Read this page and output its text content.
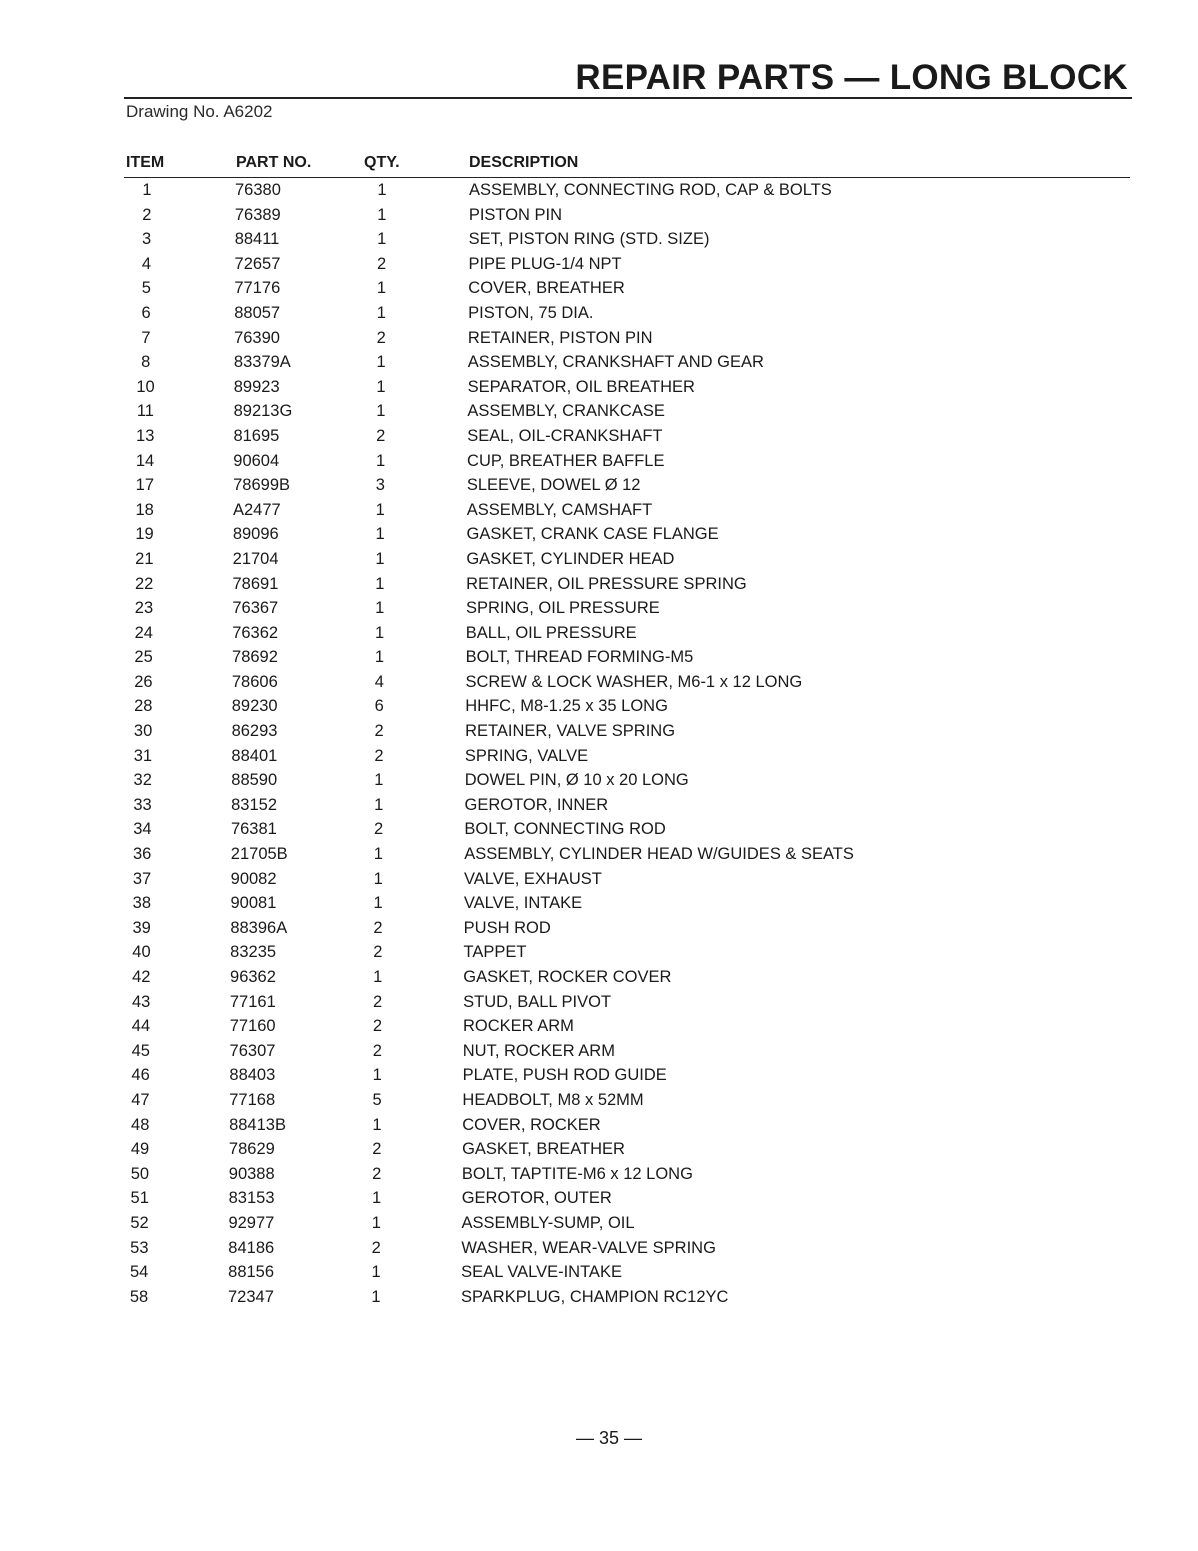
REPAIR PARTS — LONG BLOCK
Drawing No. A6202
ITEM	PART NO.	QTY.	DESCRIPTION
1	76380	1	ASSEMBLY, CONNECTING ROD, CAP & BOLTS
2	76389	1	PISTON PIN
3	88411	1	SET, PISTON RING (STD. SIZE)
4	72657	2	PIPE PLUG-1/4 NPT
5	77176	1	COVER, BREATHER
6	88057	1	PISTON, 75 DIA.
7	76390	2	RETAINER, PISTON PIN
8	83379A	1	ASSEMBLY, CRANKSHAFT AND GEAR
10	89923	1	SEPARATOR, OIL BREATHER
11	89213G	1	ASSEMBLY, CRANKCASE
13	81695	2	SEAL, OIL-CRANKSHAFT
14	90604	1	CUP, BREATHER BAFFLE
17	78699B	3	SLEEVE, DOWEL Ø 12
18	A2477	1	ASSEMBLY, CAMSHAFT
19	89096	1	GASKET, CRANK CASE FLANGE
21	21704	1	GASKET, CYLINDER HEAD
22	78691	1	RETAINER, OIL PRESSURE SPRING
23	76367	1	SPRING, OIL PRESSURE
24	76362	1	BALL, OIL PRESSURE
25	78692	1	BOLT, THREAD FORMING-M5
26	78606	4	SCREW & LOCK WASHER, M6-1 x 12 LONG
28	89230	6	HHFC, M8-1.25 x 35 LONG
30	86293	2	RETAINER, VALVE SPRING
31	88401	2	SPRING, VALVE
32	88590	1	DOWEL PIN, Ø 10 x 20 LONG
33	83152	1	GEROTOR, INNER
34	76381	2	BOLT, CONNECTING ROD
36	21705B	1	ASSEMBLY, CYLINDER HEAD W/GUIDES & SEATS
37	90082	1	VALVE, EXHAUST
38	90081	1	VALVE, INTAKE
39	88396A	2	PUSH ROD
40	83235	2	TAPPET
42	96362	1	GASKET, ROCKER COVER
43	77161	2	STUD, BALL PIVOT
44	77160	2	ROCKER ARM
45	76307	2	NUT, ROCKER ARM
46	88403	1	PLATE, PUSH ROD GUIDE
47	77168	5	HEADBOLT, M8 x 52MM
48	88413B	1	COVER, ROCKER
49	78629	2	GASKET, BREATHER
50	90388	2	BOLT, TAPTITE-M6 x 12 LONG
51	83153	1	GEROTOR, OUTER
52	92977	1	ASSEMBLY-SUMP, OIL
53	84186	2	WASHER, WEAR-VALVE SPRING
54	88156	1	SEAL VALVE-INTAKE
58	72347	1	SPARKPLUG, CHAMPION RC12YC
— 35 —
